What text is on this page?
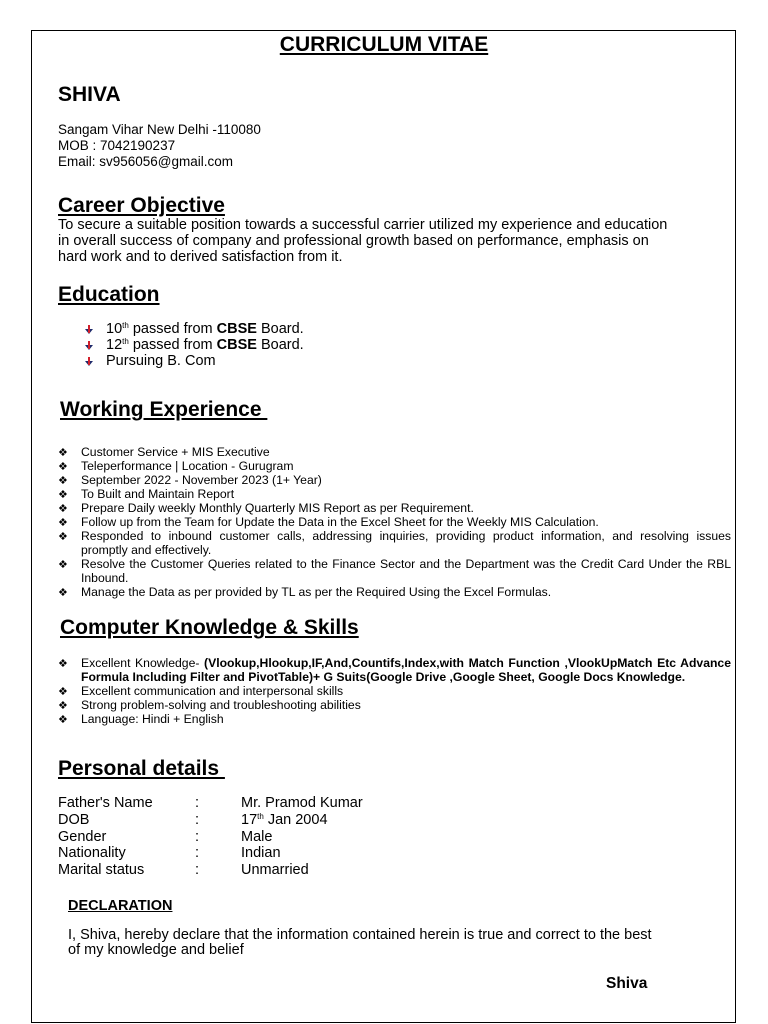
CURRICULUM VITAE
SHIVA
Sangam Vihar New Delhi -110080
MOB : 7042190237
Email: sv956056@gmail.com
Career Objective
To secure a suitable position towards a successful carrier utilized my experience and education
in overall success of company and professional growth based on performance, emphasis on
hard work and to derived satisfaction from it.
Education
10th passed from CBSE Board.
12th passed from CBSE Board.
Pursuing B. Com
Working Experience
❖ Customer Service + MIS Executive
❖ Teleperformance | Location - Gurugram
❖ September 2022 - November 2023 (1+ Year)
❖ To Built and Maintain Report
❖ Prepare Daily weekly Monthly Quarterly MIS Report as per Requirement.
❖ Follow up from the Team for Update the Data in the Excel Sheet for the Weekly MIS Calculation.
❖ Responded to inbound customer calls, addressing inquiries, providing product information, and resolving issues promptly and effectively.
❖ Resolve the Customer Queries related to the Finance Sector and the Department was the Credit Card Under the RBL Inbound.
❖ Manage the Data as per provided by TL as per the Required Using the Excel Formulas.
Computer Knowledge & Skills
❖ Excellent Knowledge- (Vlookup,Hlookup,IF,And,Countifs,Index,with Match Function ,VlookUpMatch Etc Advance Formula Including Filter and PivotTable)+ G Suits(Google Drive ,Google Sheet, Google Docs Knowledge.
❖ Excellent communication and interpersonal skills
❖ Strong problem-solving and troubleshooting abilities
❖ Language: Hindi + English
Personal details
Father's Name	:	Mr. Pramod Kumar
DOB	:	17th Jan 2004
Gender	:	Male
Nationality	:	Indian
Marital status	:	Unmarried
DECLARATION
I, Shiva, hereby declare that the information contained herein is true and correct to the best
of my knowledge and belief
Shiva
